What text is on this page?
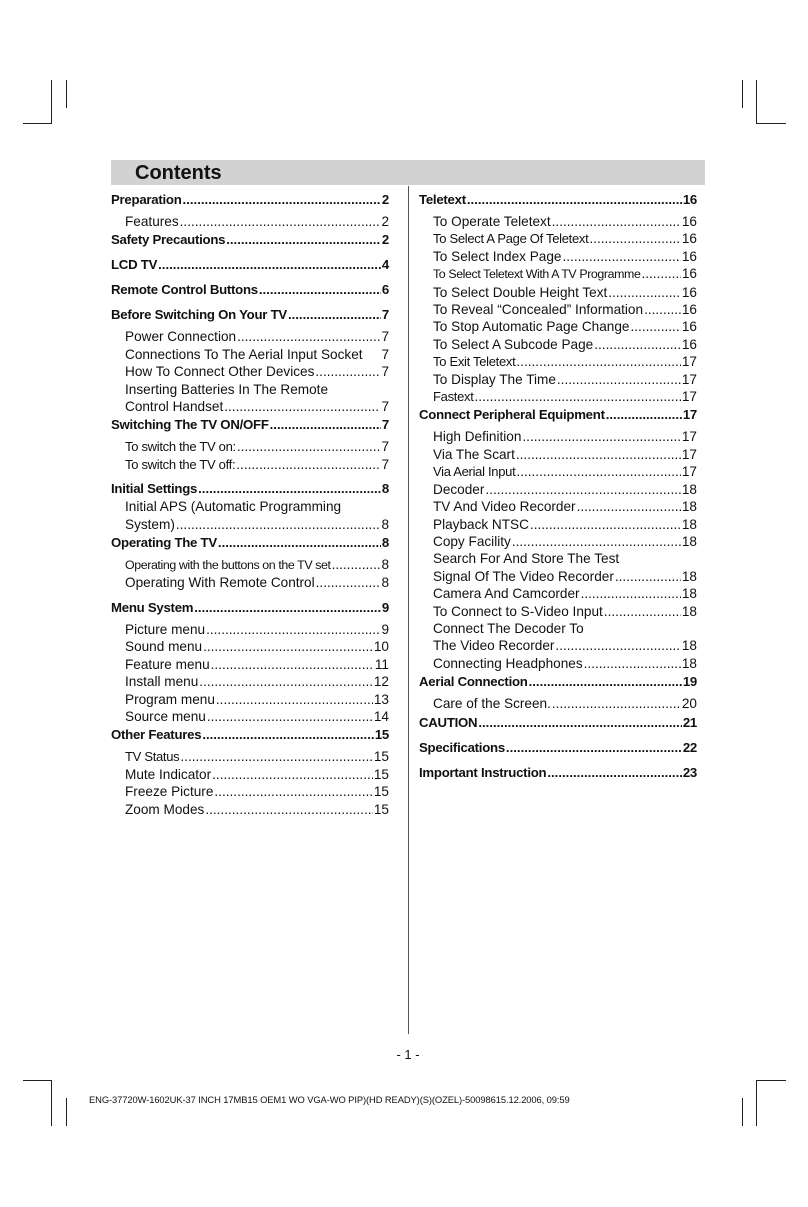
Contents
Preparation .....	2
Features .....	2
Safety Precautions .....	2
LCD TV .....	4
Remote Control Buttons .....	6
Before Switching On Your TV .....	7
Power Connection .....	7
Connections To The Aerial Input Socket 7
How To Connect Other Devices .....	7
Inserting Batteries In The Remote
Control Handset .....	7
Switching The TV ON/OFF .....	7
To switch the TV on: .....	7
To switch the TV off: .....	7
Initial Settings .....	8
Initial APS (Automatic Programming
System) .....	8
Operating The TV .....	8
Operating with the buttons on the TV set .....	8
Operating With Remote Control .....	8
Menu System .....	9
Picture menu .....	9
Sound menu .....	10
Feature menu .....	11
Install menu .....	12
Program menu .....	13
Source menu .....	14
Other Features .....	15
TV Status .....	15
Mute Indicator .....	15
Freeze Picture .....	15
Zoom Modes .....	15
Teletext .....	16
To Operate Teletext .....	16
To Select A Page Of Teletext .....	16
To Select Index Page .....	16
To Select Teletext With A TV Programme .....	16
To Select Double Height Text .....	16
To Reveal “Concealed” Information .....	16
To Stop Automatic Page Change .....	16
To Select A Subcode Page .....	16
To Exit Teletext .....	17
To Display The Time .....	17
Fastext .....	17
Connect Peripheral Equipment .....	17
High Definition .....	17
Via The Scart .....	17
Via Aerial Input .....	17
Decoder .....	18
TV And Video Recorder .....	18
Playback NTSC .....	18
Copy Facility .....	18
Search For And Store The Test
Signal Of The Video Recorder .....	18
Camera And Camcorder .....	18
To Connect to S-Video Input .....	18
Connect The Decoder To
The Video Recorder .....	18
Connecting Headphones .....	18
Aerial Connection .....	19
Care of the Screen. .....	20
CAUTION .....	21
Specifications .....	22
Important Instruction .....	23
- 1 -
ENG-37720W-1602UK-37 INCH 17MB15 OEM1 WO VGA-WO PIP)(HD READY)(S)(OZEL)-50098615.12.2006, 09:59
